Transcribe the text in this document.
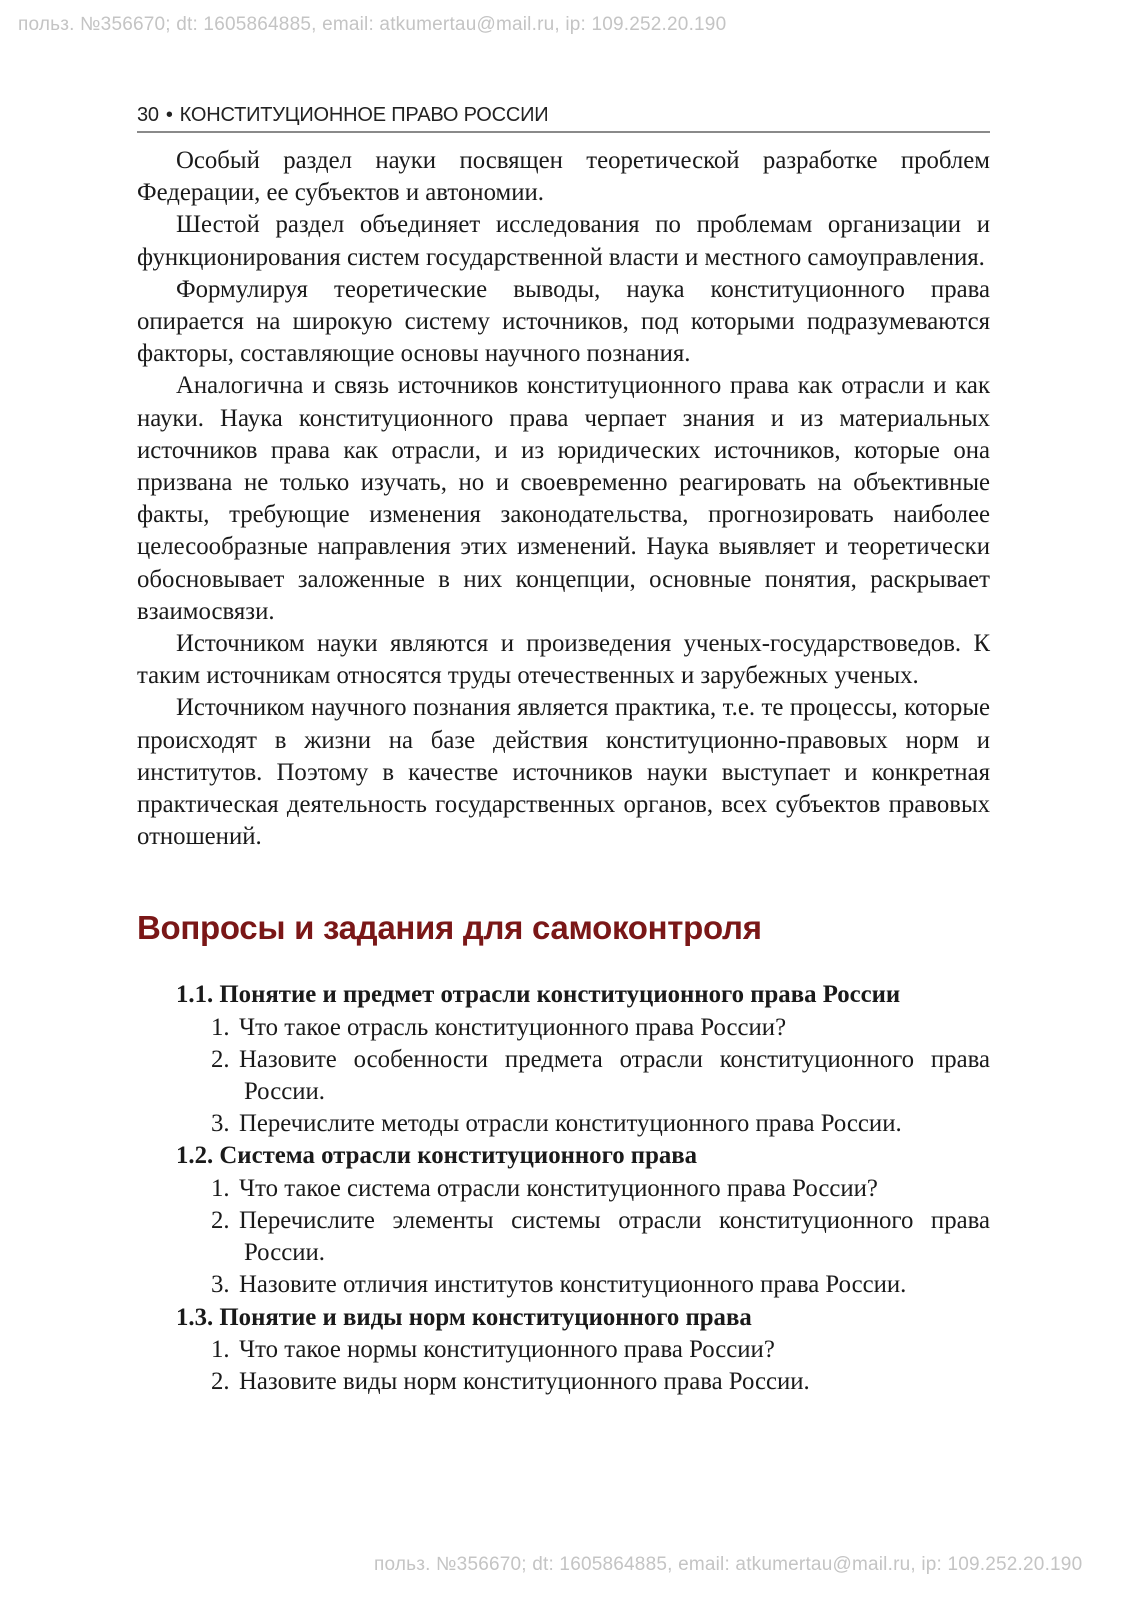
польз. №356670; dt: 1605864885, email: atkumertau@mail.ru, ip: 109.252.20.190
30 • КОНСТИТУЦИОННОЕ ПРАВО РОССИИ

Особый раздел науки посвящен теоретической разработке проблем Федерации, ее субъектов и автономии.

Шестой раздел объединяет исследования по проблемам организации и функционирования систем государственной власти и местного самоуправления.

Формулируя теоретические выводы, наука конституционного права опирается на широкую систему источников, под которыми подразумеваются факторы, составляющие основы научного познания.

Аналогична и связь источников конституционного права как отрасли и как науки. Наука конституционного права черпает знания и из материальных источников права как отрасли, и из юридических источников, которые она призвана не только изучать, но и своевременно реагировать на объективные факты, требующие изменения законодательства, прогнозировать наиболее целесообразные направления этих изменений. Наука выявляет и теоретически обосновывает заложенные в них концепции, основные понятия, раскрывает взаимосвязи.

Источником науки являются и произведения ученых-государствоведов. К таким источникам относятся труды отечественных и зарубежных ученых.

Источником научного познания является практика, т.е. те процессы, которые происходят в жизни на базе действия конституционно-правовых норм и институтов. Поэтому в качестве источников науки выступает и конкретная практическая деятельность государственных органов, всех субъектов правовых отношений.

Вопросы и задания для самоконтроля

1.1. Понятие и предмет отрасли конституционного права России

1. Что такое отрасль конституционного права России?
2. Назовите особенности предмета отрасли конституционного права России.
3. Перечислите методы отрасли конституционного права России.

1.2. Система отрасли конституционного права

1. Что такое система отрасли конституционного права России?
2. Перечислите элементы системы отрасли конституционного права России.
3. Назовите отличия институтов конституционного права России.

1.3. Понятие и виды норм конституционного права

1. Что такое нормы конституционного права России?
2. Назовите виды норм конституционного права России.
польз. №356670; dt: 1605864885, email: atkumertau@mail.ru, ip: 109.252.20.190
